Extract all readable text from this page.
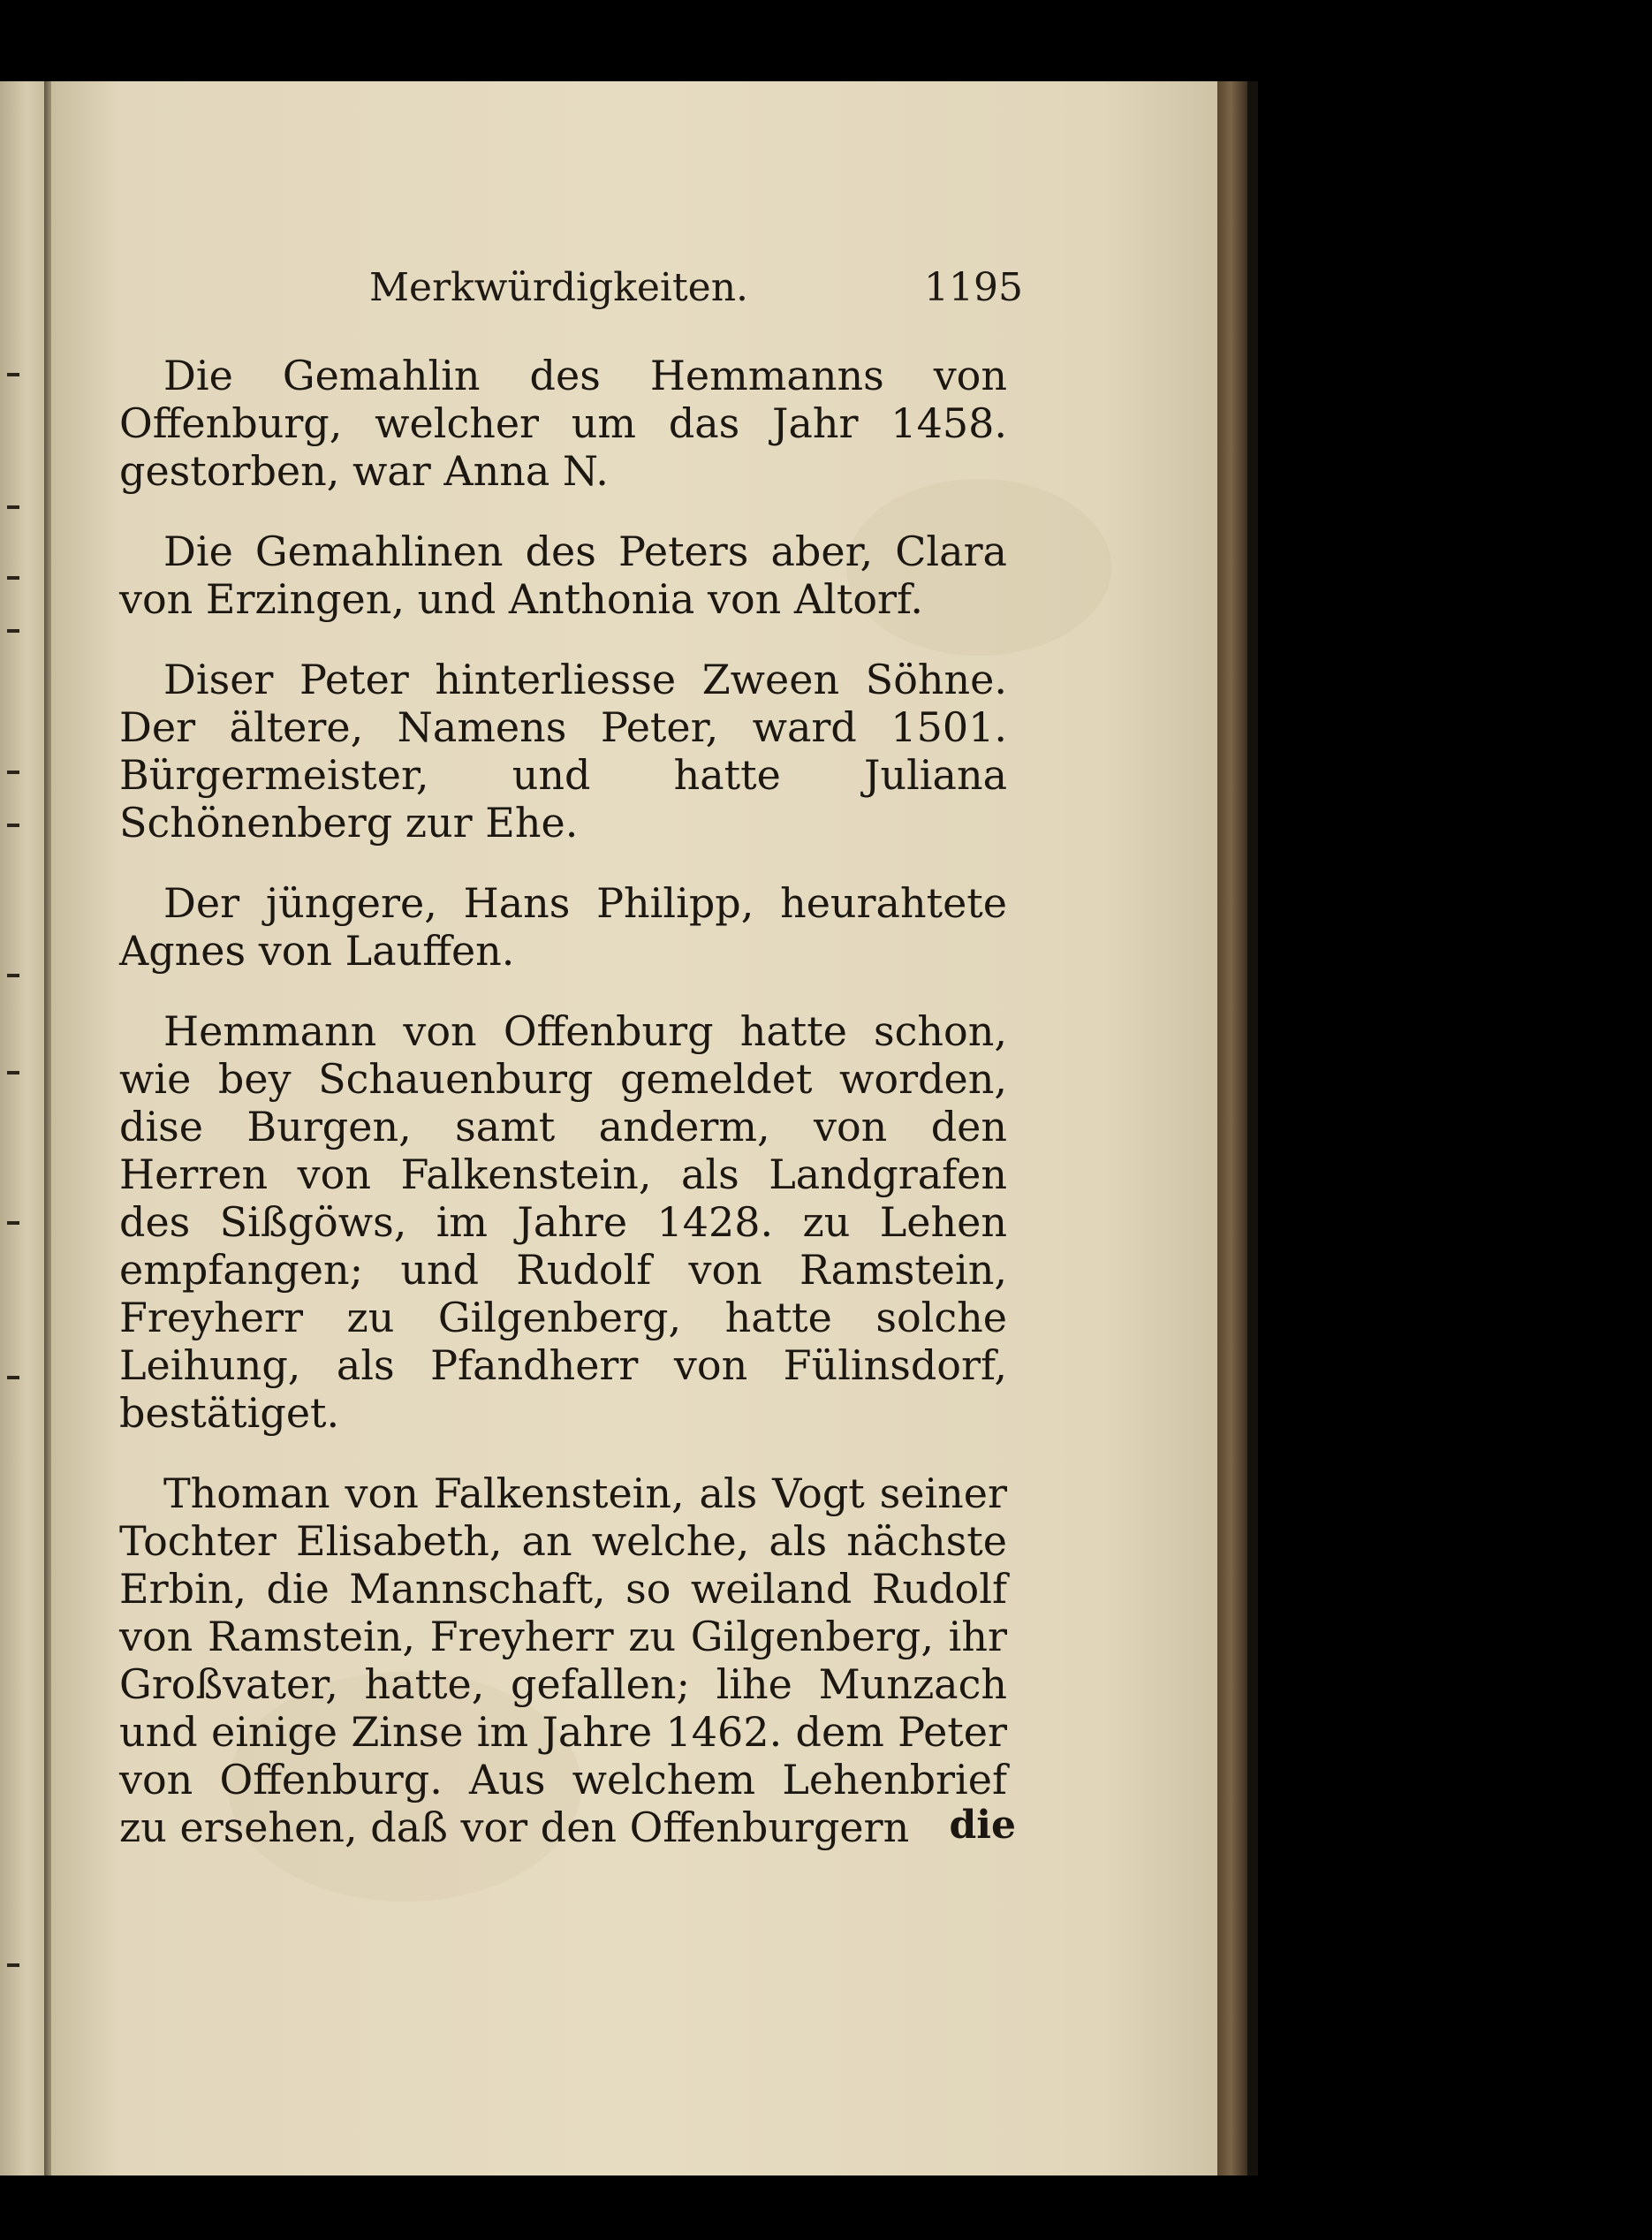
Merkwürdigkeiten.	1195

Die Gemahlin des Hemmanns von Offenburg, welcher um das Jahr 1458. gestorben, war Anna N.

Die Gemahlinen des Peters aber, Clara von Erzingen, und Anthonia von Altorf.

Diser Peter hinterliesse Zween Söhne. Der ältere, Namens Peter, ward 1501. Bürgermeister, und hatte Juliana Schönenberg zur Ehe.

Der jüngere, Hans Philipp, heurahtete Agnes von Lauffen.

Hemmann von Offenburg hatte schon, wie bey Schauenburg gemeldet worden, dise Burgen, samt anderm, von den Herren von Falkenstein, als Landgrafen des Sißgöws, im Jahre 1428. zu Lehen empfangen; und Rudolf von Ramstein, Freyherr zu Gilgenberg, hatte solche Leihung, als Pfandherr von Fülinsdorf, bestätiget.

Thoman von Falkenstein, als Vogt seiner Tochter Elisabeth, an welche, als nächste Erbin, die Mannschaft, so weiland Rudolf von Ramstein, Freyherr zu Gilgenberg, ihr Großvater, hatte, gefallen; lihe Munzach und einige Zinse im Jahre 1462. dem Peter von Offenburg. Aus welchem Lehenbrief zu ersehen, daß vor den Offenburgern	die
